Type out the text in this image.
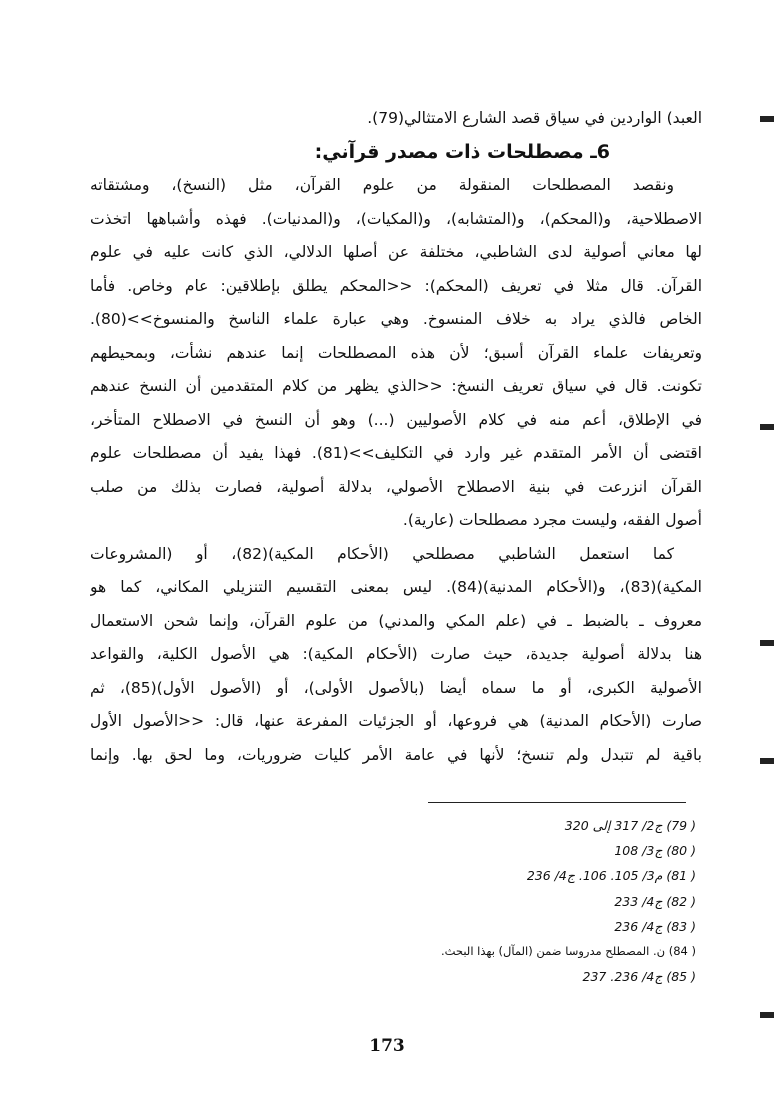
العبد) الواردين في سياق قصد الشارع الامتثالي(79).
6ـ مصطلحات ذات مصدر قرآني:
ونقصد المصطلحات المنقولة من علوم القرآن، مثل (النسخ)، ومشتقاته
الاصطلاحية، و(المحكم)، و(المتشابه)، و(المكيات)، و(المدنيات). فهذه وأشباهها اتخذت
لها معاني أصولية لدى الشاطبي، مختلفة عن أصلها الدلالي، الذي كانت عليه في علوم
القرآن. قال مثلا في تعريف (المحكم): <<المحكم يطلق بإطلاقين: عام وخاص. فأما
الخاص فالذي يراد به خلاف المنسوخ. وهي عبارة علماء الناسخ والمنسوخ>>(80).
وتعريفات علماء القرآن أسبق؛ لأن هذه المصطلحات إنما عندهم نشأت، وبمحيطهم
تكونت. قال في سياق تعريف النسخ: <<الذي يظهر من كلام المتقدمين أن النسخ عندهم
في الإطلاق، أعم منه في كلام الأصوليين (...) وهو أن النسخ في الاصطلاح المتأخر،
اقتضى أن الأمر المتقدم غير وارد في التكليف>>(81). فهذا يفيد أن مصطلحات علوم
القرآن انزرعت في بنية الاصطلاح الأصولي، بدلالة أصولية، فصارت بذلك من صلب
أصول الفقه، وليست مجرد مصطلحات (عارية).
كما استعمل الشاطبي مصطلحي (الأحكام المكية)(82)، أو (المشروعات
المكية)(83)، و(الأحكام المدنية)(84). ليس بمعنى التقسيم التنزيلي المكاني، كما هو
معروف ـ بالضبط ـ في (علم المكي والمدني) من علوم القرآن، وإنما شحن الاستعمال
هنا بدلالة أصولية جديدة، حيث صارت (الأحكام المكية): هي الأصول الكلية، والقواعد
الأصولية الكبرى، أو ما سماه أيضا (بالأصول الأولى)، أو (الأصول الأول)(85)، ثم
صارت (الأحكام المدنية) هي فروعها، أو الجزئيات المفرعة عنها، قال: <<الأصول الأول
باقية لم تتبدل ولم تنسخ؛ لأنها في عامة الأمر كليات ضروريات، وما لحق بها. وإنما
( 79) ج2/ 317 إلى 320
( 80) ج3/ 108
( 81) م3/ 105. 106. ج4/ 236
( 82) ج4/ 233
( 83) ج4/ 236
( 84) ن. المصطلح مدروسا ضمن (المآل) بهذا البحث.
( 85) ج4/ 236. 237
173
